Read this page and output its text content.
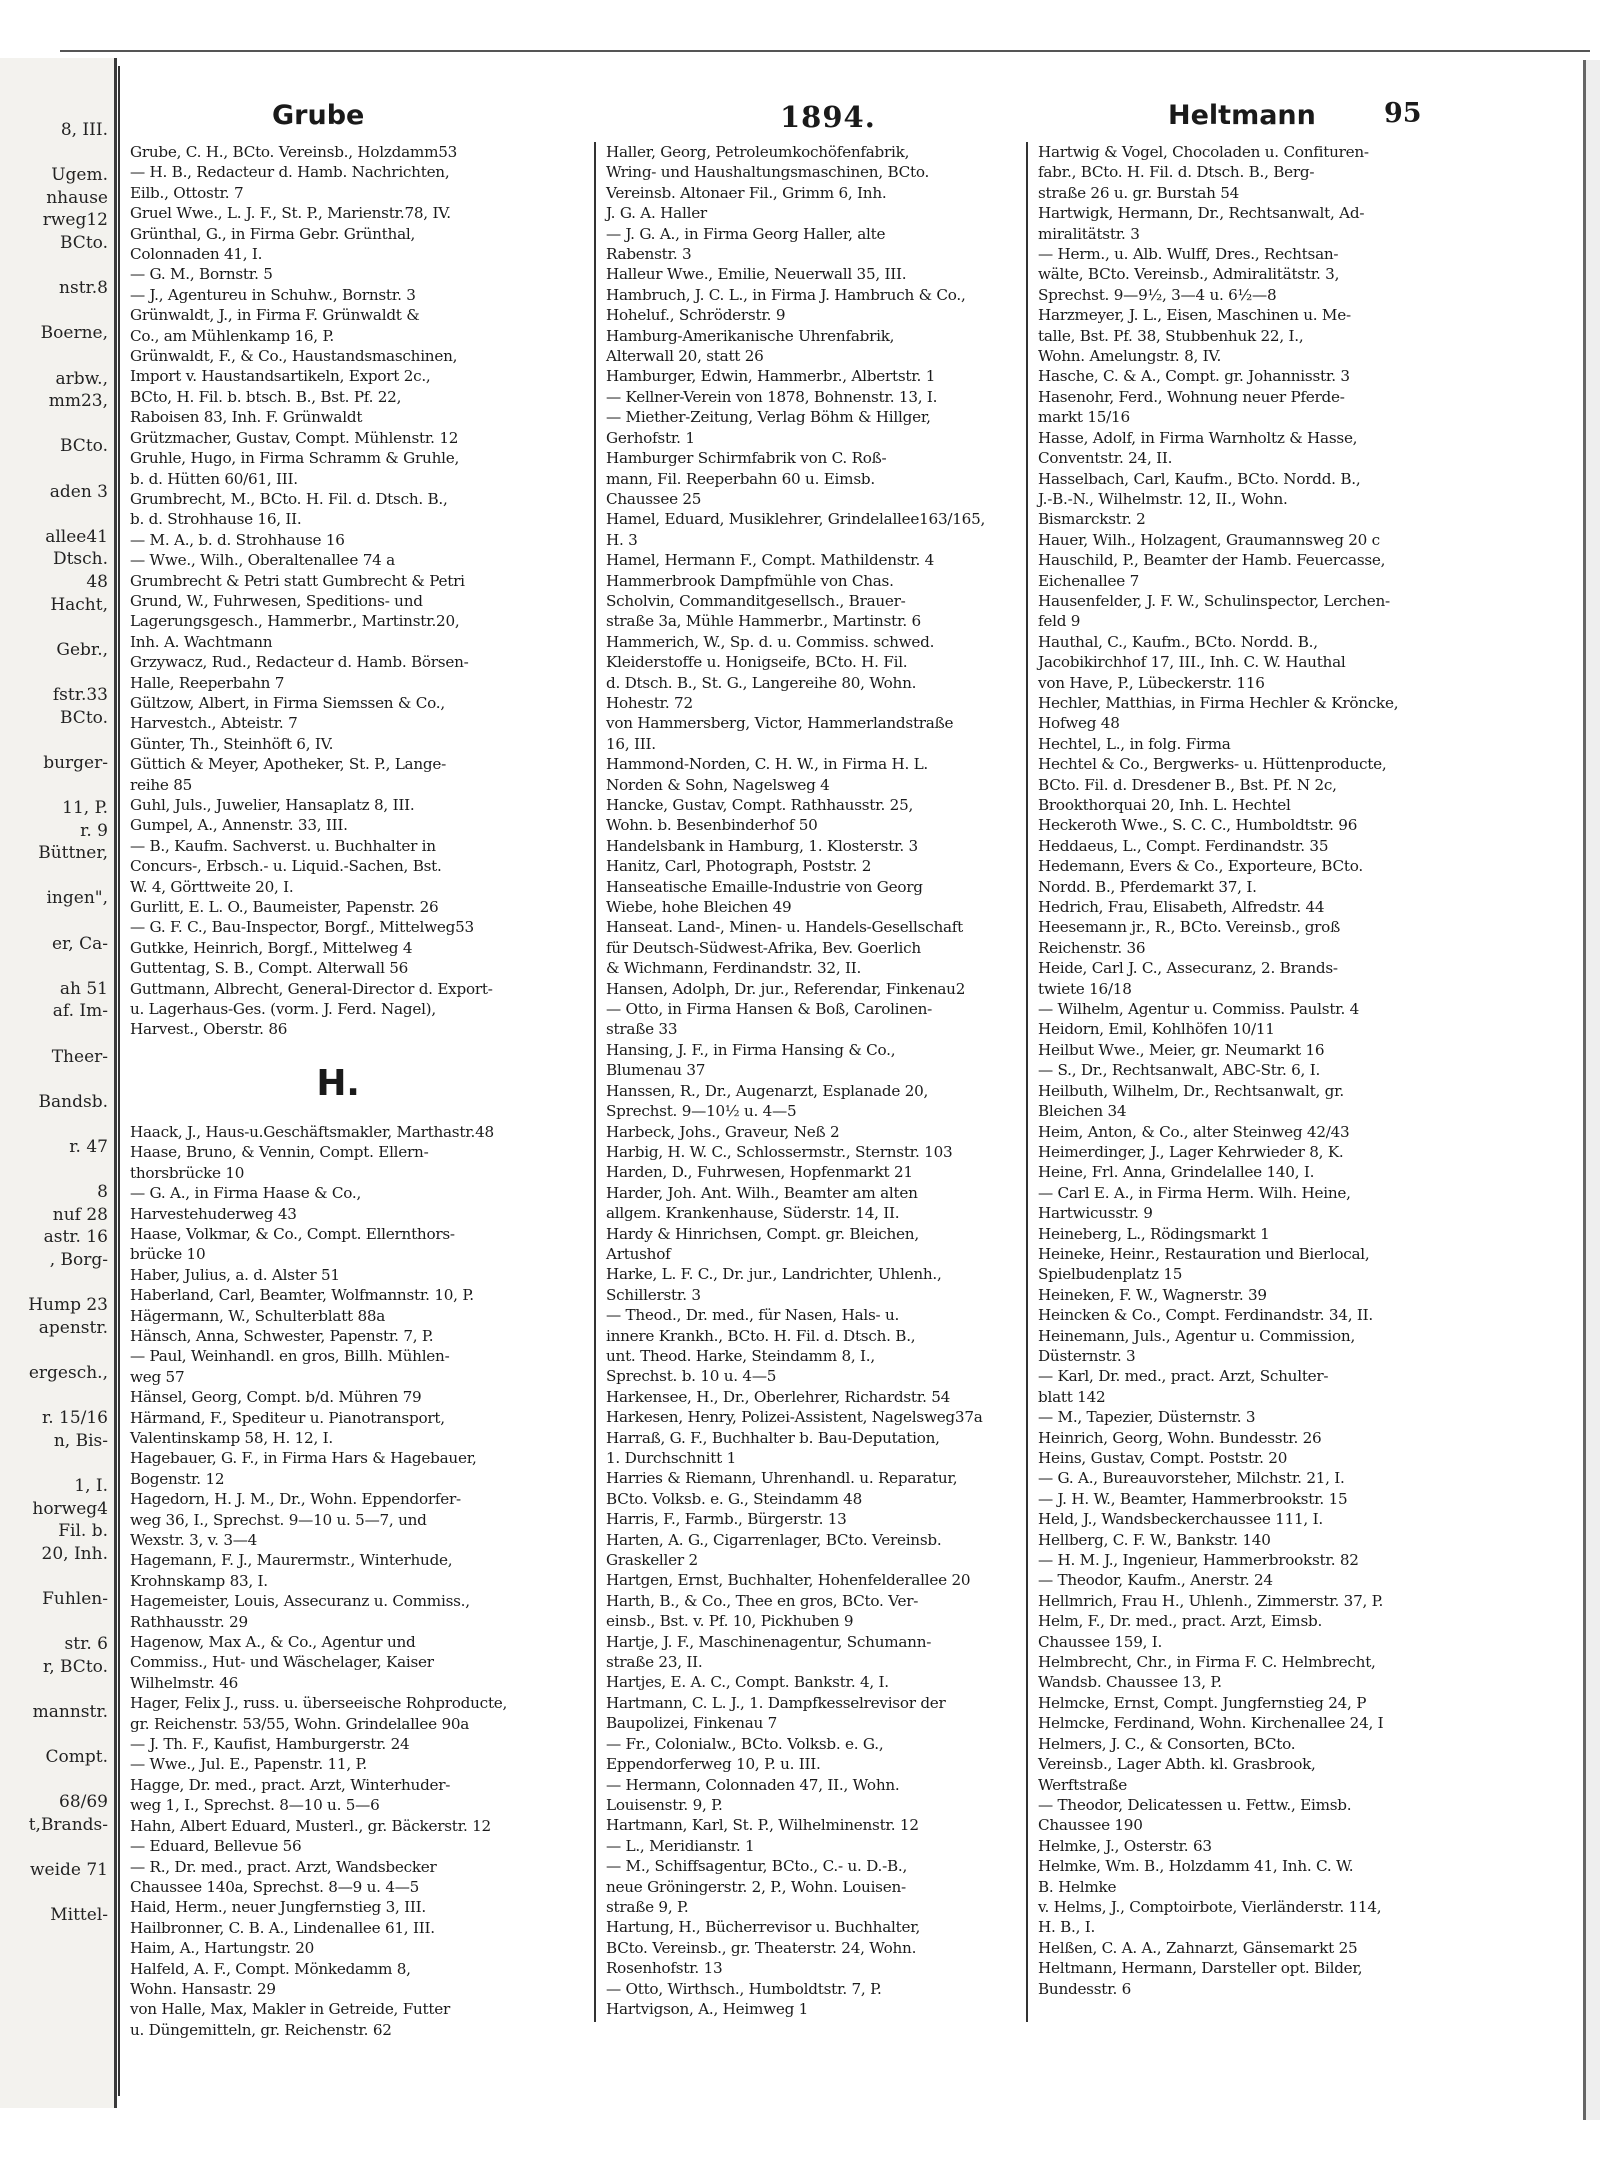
8, III.
Ugem.
nhause
rweg12
BCto.
nstr.8
Boerne,
arbw.,
mm23,
BCto.
aden 3
allee41
Dtsch.
48
Hacht,
Gebr.,
fstr.33
BCto.
burger-
11, P.
r. 9
Büttner,
ingen",
er, Ca-
ah 51
af. Im-
Theer-
Bandsb.
r. 47
8
nuf 28
astr. 16
, Borg-
Hump 23
apenstr.
ergesch.,
r. 15/16
n, Bis-
1, I.
horweg4
Fil. b.
20, Inh.
Fuhlen-
str. 6
r, BCto.
mannstr.
Compt.
68/69
t,Brands-
weide 71
Mittel-
Grube	1894.	Heltmann	95
Grube, C. H., BCto. Vereinsb., Holzdamm53
— H. B., Redacteur d. Hamb. Nachrichten,
Eilb., Ottostr. 7
Gruel Wwe., L. J. F., St. P., Marienstr.78, IV.
Grünthal, G., in Firma Gebr. Grünthal,
Colonnaden 41, I.
— G. M., Bornstr. 5
— J., Agentureu in Schuhw., Bornstr. 3
Grünwaldt, J., in Firma F. Grünwaldt &
Co., am Mühlenkamp 16, P.
Grünwaldt, F., & Co., Haustandsmaschinen,
Import v. Haustandsartikeln, Export 2c.,
BCto, H. Fil. b. btsch. B., Bst. Pf. 22,
Raboisen 83, Inh. F. Grünwaldt
Grützmacher, Gustav, Compt. Mühlenstr. 12
Gruhle, Hugo, in Firma Schramm & Gruhle,
b. d. Hütten 60/61, III.
Grumbrecht, M., BCto. H. Fil. d. Dtsch. B.,
b. d. Strohhause 16, II.
— M. A., b. d. Strohhause 16
— Wwe., Wilh., Oberaltenallee 74 a
Grumbrecht & Petri statt Gumbrecht & Petri
Grund, W., Fuhrwesen, Speditions- und
Lagerungsgesch., Hammerbr., Martinstr.20,
Inh. A. Wachtmann
Grzywacz, Rud., Redacteur d. Hamb. Börsen-
Halle, Reeperbahn 7
Gültzow, Albert, in Firma Siemssen & Co.,
Harvestch., Abteistr. 7
Günter, Th., Steinhöft 6, IV.
Güttich & Meyer, Apotheker, St. P., Lange-
reihe 85
Guhl, Juls., Juwelier, Hansaplatz 8, III.
Gumpel, A., Annenstr. 33, III.
— B., Kaufm. Sachverst. u. Buchhalter in
Concurs-, Erbsch.- u. Liquid.-Sachen, Bst.
W. 4, Görttweite 20, I.
Gurlitt, E. L. O., Baumeister, Papenstr. 26
— G. F. C., Bau-Inspector, Borgf., Mittelweg53
Gutkke, Heinrich, Borgf., Mittelweg 4
Guttentag, S. B., Compt. Alterwall 56
Guttmann, Albrecht, General-Director d. Export-
u. Lagerhaus-Ges. (vorm. J. Ferd. Nagel),
Harvest., Oberstr. 86
H.
Haack, J., Haus-u.Geschäftsmakler, Marthastr.48
Haase, Bruno, & Vennin, Compt. Ellern-
thorsbrücke 10
— G. A., in Firma Haase & Co.,
Harvestehuderweg 43
Haase, Volkmar, & Co., Compt. Ellernthors-
brücke 10
Haber, Julius, a. d. Alster 51
Haberland, Carl, Beamter, Wolfmannstr. 10, P.
Hägermann, W., Schulterblatt 88a
Hänsch, Anna, Schwester, Papenstr. 7, P.
— Paul, Weinhandl. en gros, Billh. Mühlen-
weg 57
Hänsel, Georg, Compt. b/d. Mühren 79
Härmand, F., Spediteur u. Pianotransport,
Valentinskamp 58, H. 12, I.
Hagebauer, G. F., in Firma Hars & Hagebauer,
Bogenstr. 12
Hagedorn, H. J. M., Dr., Wohn. Eppendorfer-
weg 36, I., Sprechst. 9—10 u. 5—7, und
Wexstr. 3, v. 3—4
Hagemann, F. J., Maurermstr., Winterhude,
Krohnskamp 83, I.
Hagemeister, Louis, Assecuranz u. Commiss.,
Rathhausstr. 29
Hagenow, Max A., & Co., Agentur und
Commiss., Hut- und Wäschelager, Kaiser
Wilhelmstr. 46
Hager, Felix J., russ. u. überseeische Rohproducte,
gr. Reichenstr. 53/55, Wohn. Grindelallee 90a
— J. Th. F., Kaufist, Hamburgerstr. 24
— Wwe., Jul. E., Papenstr. 11, P.
Hagge, Dr. med., pract. Arzt, Winterhuder-
weg 1, I., Sprechst. 8—10 u. 5—6
Hahn, Albert Eduard, Musterl., gr. Bäckerstr. 12
— Eduard, Bellevue 56
— R., Dr. med., pract. Arzt, Wandsbecker
Chaussee 140a, Sprechst. 8—9 u. 4—5
Haid, Herm., neuer Jungfernstieg 3, III.
Hailbronner, C. B. A., Lindenallee 61, III.
Haim, A., Hartungstr. 20
Halfeld, A. F., Compt. Mönkedamm 8,
Wohn. Hansastr. 29
von Halle, Max, Makler in Getreide, Futter
u. Düngemitteln, gr. Reichenstr. 62
Haller, Georg, Petroleumkochöfenfabrik,
Wring- und Haushaltungsmaschinen, BCto.
Vereinsb. Altonaer Fil., Grimm 6, Inh.
J. G. A. Haller
— J. G. A., in Firma Georg Haller, alte
Rabenstr. 3
Halleur Wwe., Emilie, Neuerwall 35, III.
Hambruch, J. C. L., in Firma J. Hambruch & Co.,
Hoheluf., Schröderstr. 9
Hamburg-Amerikanische Uhrenfabrik,
Alterwall 20, statt 26
Hamburger, Edwin, Hammerbr., Albertstr. 1
— Kellner-Verein von 1878, Bohnenstr. 13, I.
— Miether-Zeitung, Verlag Böhm & Hillger,
Gerhofstr. 1
Hamburger Schirmfabrik von C. Roß-
mann, Fil. Reeperbahn 60 u. Eimsb.
Chaussee 25
Hamel, Eduard, Musiklehrer, Grindelallee163/165,
H. 3
Hamel, Hermann F., Compt. Mathildenstr. 4
Hammerbrook Dampfmühle von Chas.
Scholvin, Commanditgesellsch., Brauer-
straße 3a, Mühle Hammerbr., Martinstr. 6
Hammerich, W., Sp. d. u. Commiss. schwed.
Kleiderstoffe u. Honigseife, BCto. H. Fil.
d. Dtsch. B., St. G., Langereihe 80, Wohn.
Hohestr. 72
von Hammersberg, Victor, Hammerlandstraße
16, III.
Hammond-Norden, C. H. W., in Firma H. L.
Norden & Sohn, Nagelsweg 4
Hancke, Gustav, Compt. Rathhausstr. 25,
Wohn. b. Besenbinderhof 50
Handelsbank in Hamburg, 1. Klosterstr. 3
Hanitz, Carl, Photograph, Poststr. 2
Hanseatische Emaille-Industrie von Georg
Wiebe, hohe Bleichen 49
Hanseat. Land-, Minen- u. Handels-Gesellschaft
für Deutsch-Südwest-Afrika, Bev. Goerlich
& Wichmann, Ferdinandstr. 32, II.
Hansen, Adolph, Dr. jur., Referendar, Finkenau2
— Otto, in Firma Hansen & Boß, Carolinen-
straße 33
Hansing, J. F., in Firma Hansing & Co.,
Blumenau 37
Hanssen, R., Dr., Augenarzt, Esplanade 20,
Sprechst. 9—10½ u. 4—5
Harbeck, Johs., Graveur, Neß 2
Harbig, H. W. C., Schlossermstr., Sternstr. 103
Harden, D., Fuhrwesen, Hopfenmarkt 21
Harder, Joh. Ant. Wilh., Beamter am alten
allgem. Krankenhause, Süderstr. 14, II.
Hardy & Hinrichsen, Compt. gr. Bleichen,
Artushof
Harke, L. F. C., Dr. jur., Landrichter, Uhlenh.,
Schillerstr. 3
— Theod., Dr. med., für Nasen, Hals- u.
innere Krankh., BCto. H. Fil. d. Dtsch. B.,
unt. Theod. Harke, Steindamm 8, I.,
Sprechst. b. 10 u. 4—5
Harkensee, H., Dr., Oberlehrer, Richardstr. 54
Harkesen, Henry, Polizei-Assistent, Nagelsweg37a
Harraß, G. F., Buchhalter b. Bau-Deputation,
1. Durchschnitt 1
Harries & Riemann, Uhrenhandl. u. Reparatur,
BCto. Volksb. e. G., Steindamm 48
Harris, F., Farmb., Bürgerstr. 13
Harten, A. G., Cigarrenlager, BCto. Vereinsb.
Graskeller 2
Hartgen, Ernst, Buchhalter, Hohenfelderallee 20
Harth, B., & Co., Thee en gros, BCto. Ver-
einsb., Bst. v. Pf. 10, Pickhuben 9
Hartje, J. F., Maschinenagentur, Schumann-
straße 23, II.
Hartjes, E. A. C., Compt. Bankstr. 4, I.
Hartmann, C. L. J., 1. Dampfkesselrevisor der
Baupolizei, Finkenau 7
— Fr., Colonialw., BCto. Volksb. e. G.,
Eppendorferweg 10, P. u. III.
— Hermann, Colonnaden 47, II., Wohn.
Louisenstr. 9, P.
Hartmann, Karl, St. P., Wilhelminenstr. 12
— L., Meridianstr. 1
— M., Schiffsagentur, BCto., C.- u. D.-B.,
neue Gröningerstr. 2, P., Wohn. Louisen-
straße 9, P.
Hartung, H., Bücherrevisor u. Buchhalter,
BCto. Vereinsb., gr. Theaterstr. 24, Wohn.
Rosenhofstr. 13
— Otto, Wirthsch., Humboldtstr. 7, P.
Hartvigson, A., Heimweg 1
Hartwig & Vogel, Chocoladen u. Confituren-
fabr., BCto. H. Fil. d. Dtsch. B., Berg-
straße 26 u. gr. Burstah 54
Hartwigk, Hermann, Dr., Rechtsanwalt, Ad-
miralitätstr. 3
— Herm., u. Alb. Wulff, Dres., Rechtsan-
wälte, BCto. Vereinsb., Admiralitätstr. 3,
Sprechst. 9—9½, 3—4 u. 6½—8
Harzmeyer, J. L., Eisen, Maschinen u. Me-
talle, Bst. Pf. 38, Stubbenhuk 22, I.,
Wohn. Amelungstr. 8, IV.
Hasche, C. & A., Compt. gr. Johannisstr. 3
Hasenohr, Ferd., Wohnung neuer Pferde-
markt 15/16
Hasse, Adolf, in Firma Warnholtz & Hasse,
Conventstr. 24, II.
Hasselbach, Carl, Kaufm., BCto. Nordd. B.,
J.-B.-N., Wilhelmstr. 12, II., Wohn.
Bismarckstr. 2
Hauer, Wilh., Holzagent, Graumannsweg 20 c
Hauschild, P., Beamter der Hamb. Feuercasse,
Eichenallee 7
Hausenfelder, J. F. W., Schulinspector, Lerchen-
feld 9
Hauthal, C., Kaufm., BCto. Nordd. B.,
Jacobikirchhof 17, III., Inh. C. W. Hauthal
von Have, P., Lübeckerstr. 116
Hechler, Matthias, in Firma Hechler & Kröncke,
Hofweg 48
Hechtel, L., in folg. Firma
Hechtel & Co., Bergwerks- u. Hüttenproducte,
BCto. Fil. d. Dresdener B., Bst. Pf. N 2c,
Brookthorquai 20, Inh. L. Hechtel
Heckeroth Wwe., S. C. C., Humboldtstr. 96
Heddaeus, L., Compt. Ferdinandstr. 35
Hedemann, Evers & Co., Exporteure, BCto.
Nordd. B., Pferdemarkt 37, I.
Hedrich, Frau, Elisabeth, Alfredstr. 44
Heesemann jr., R., BCto. Vereinsb., groß
Reichenstr. 36
Heide, Carl J. C., Assecuranz, 2. Brands-
twiete 16/18
— Wilhelm, Agentur u. Commiss. Paulstr. 4
Heidorn, Emil, Kohlhöfen 10/11
Heilbut Wwe., Meier, gr. Neumarkt 16
— S., Dr., Rechtsanwalt, ABC-Str. 6, I.
Heilbuth, Wilhelm, Dr., Rechtsanwalt, gr.
Bleichen 34
Heim, Anton, & Co., alter Steinweg 42/43
Heimerdinger, J., Lager Kehrwieder 8, K.
Heine, Frl. Anna, Grindelallee 140, I.
— Carl E. A., in Firma Herm. Wilh. Heine,
Hartwicusstr. 9
Heineberg, L., Rödingsmarkt 1
Heineke, Heinr., Restauration und Bierlocal,
Spielbudenplatz 15
Heineken, F. W., Wagnerstr. 39
Heincken & Co., Compt. Ferdinandstr. 34, II.
Heinemann, Juls., Agentur u. Commission,
Düsternstr. 3
— Karl, Dr. med., pract. Arzt, Schulter-
blatt 142
— M., Tapezier, Düsternstr. 3
Heinrich, Georg, Wohn. Bundesstr. 26
Heins, Gustav, Compt. Poststr. 20
— G. A., Bureauvorsteher, Milchstr. 21, I.
— J. H. W., Beamter, Hammerbrookstr. 15
Held, J., Wandsbeckerchaussee 111, I.
Hellberg, C. F. W., Bankstr. 140
— H. M. J., Ingenieur, Hammerbrookstr. 82
— Theodor, Kaufm., Anerstr. 24
Hellmrich, Frau H., Uhlenh., Zimmerstr. 37, P.
Helm, F., Dr. med., pract. Arzt, Eimsb.
Chaussee 159, I.
Helmbrecht, Chr., in Firma F. C. Helmbrecht,
Wandsb. Chaussee 13, P.
Helmcke, Ernst, Compt. Jungfernstieg 24, P
Helmcke, Ferdinand, Wohn. Kirchenallee 24, I
Helmers, J. C., & Consorten, BCto.
Vereinsb., Lager Abth. kl. Grasbrook,
Werftstraße
— Theodor, Delicatessen u. Fettw., Eimsb.
Chaussee 190
Helmke, J., Osterstr. 63
Helmke, Wm. B., Holzdamm 41, Inh. C. W.
B. Helmke
v. Helms, J., Comptoirbote, Vierländerstr. 114,
H. B., I.
Helßen, C. A. A., Zahnarzt, Gänsemarkt 25
Heltmann, Hermann, Darsteller opt. Bilder,
Bundesstr. 6
